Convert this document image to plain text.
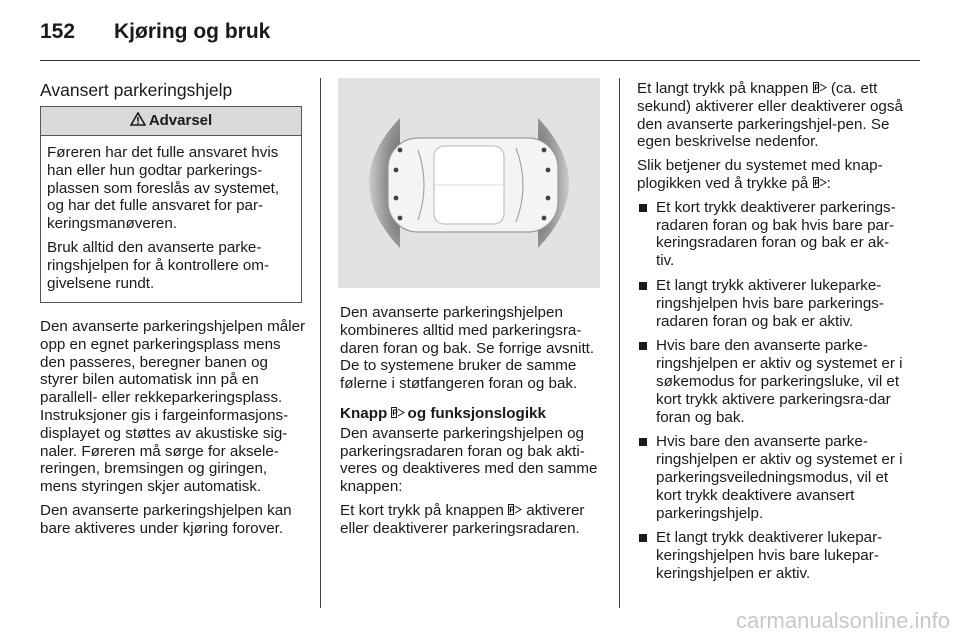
152 Kjøring og bruk
Avansert parkeringshjelp
Advarsel

Føreren har det fulle ansvaret hvis han eller hun godtar parkerings-plassen som foreslås av systemet, og har det fulle ansvaret for par-keringsmanøveren.

Bruk alltid den avanserte parke-ringshjelpen for å kontrollere om-givelsene rundt.

Den avanserte parkeringshjelpen måler opp en egnet parkeringsplass mens den passeres, beregner banen og styrer bilen automatisk inn på en parallell- eller rekkeparkeringsplass. Instruksjoner gis i fargeinformasjons-displayet og støttes av akustiske sig-naler. Føreren må sørge for aksele-reringen, bremsingen og giringen, mens styringen skjer automatisk.

Den avanserte parkeringshjelpen kan bare aktiveres under kjøring forover.

Den avanserte parkeringshjelpen kombineres alltid med parkeringsra-daren foran og bak. Se forrige avsnitt. De to systemene bruker de samme følerne i støtfangeren foran og bak.

Knapp P og funksjonslogikk

Den avanserte parkeringshjelpen og parkeringsradaren foran og bak akti-veres og deaktiveres med den samme knappen:

Et kort trykk på knappen P aktiverer eller deaktiverer parkeringsradaren.

Et langt trykk på knappen P (ca. ett sekund) aktiverer eller deaktiverer også den avanserte parkeringshjel-pen. Se egen beskrivelse nedenfor.

Slik betjener du systemet med knap-plogikken ved å trykke på P :

Et kort trykk deaktiverer parkerings-radaren foran og bak hvis bare par-keringsradaren foran og bak er ak-tiv.
Et langt trykk aktiverer lukeparke-ringshjelpen hvis bare parkerings-radaren foran og bak er aktiv.
Hvis bare den avanserte parke-ringshjelpen er aktiv og systemet er i søkemodus for parkeringsluke, vil et kort trykk aktivere parkeringsra-dar foran og bak.
Hvis bare den avanserte parke-ringshjelpen er aktiv og systemet er i parkeringsveiledningsmodus, vil et kort trykk deaktivere avansert parkeringshjelp.
Et langt trykk deaktiverer lukepar-keringshjelpen hvis bare lukepar-keringshjelpen er aktiv.
carmanualsonline.info
